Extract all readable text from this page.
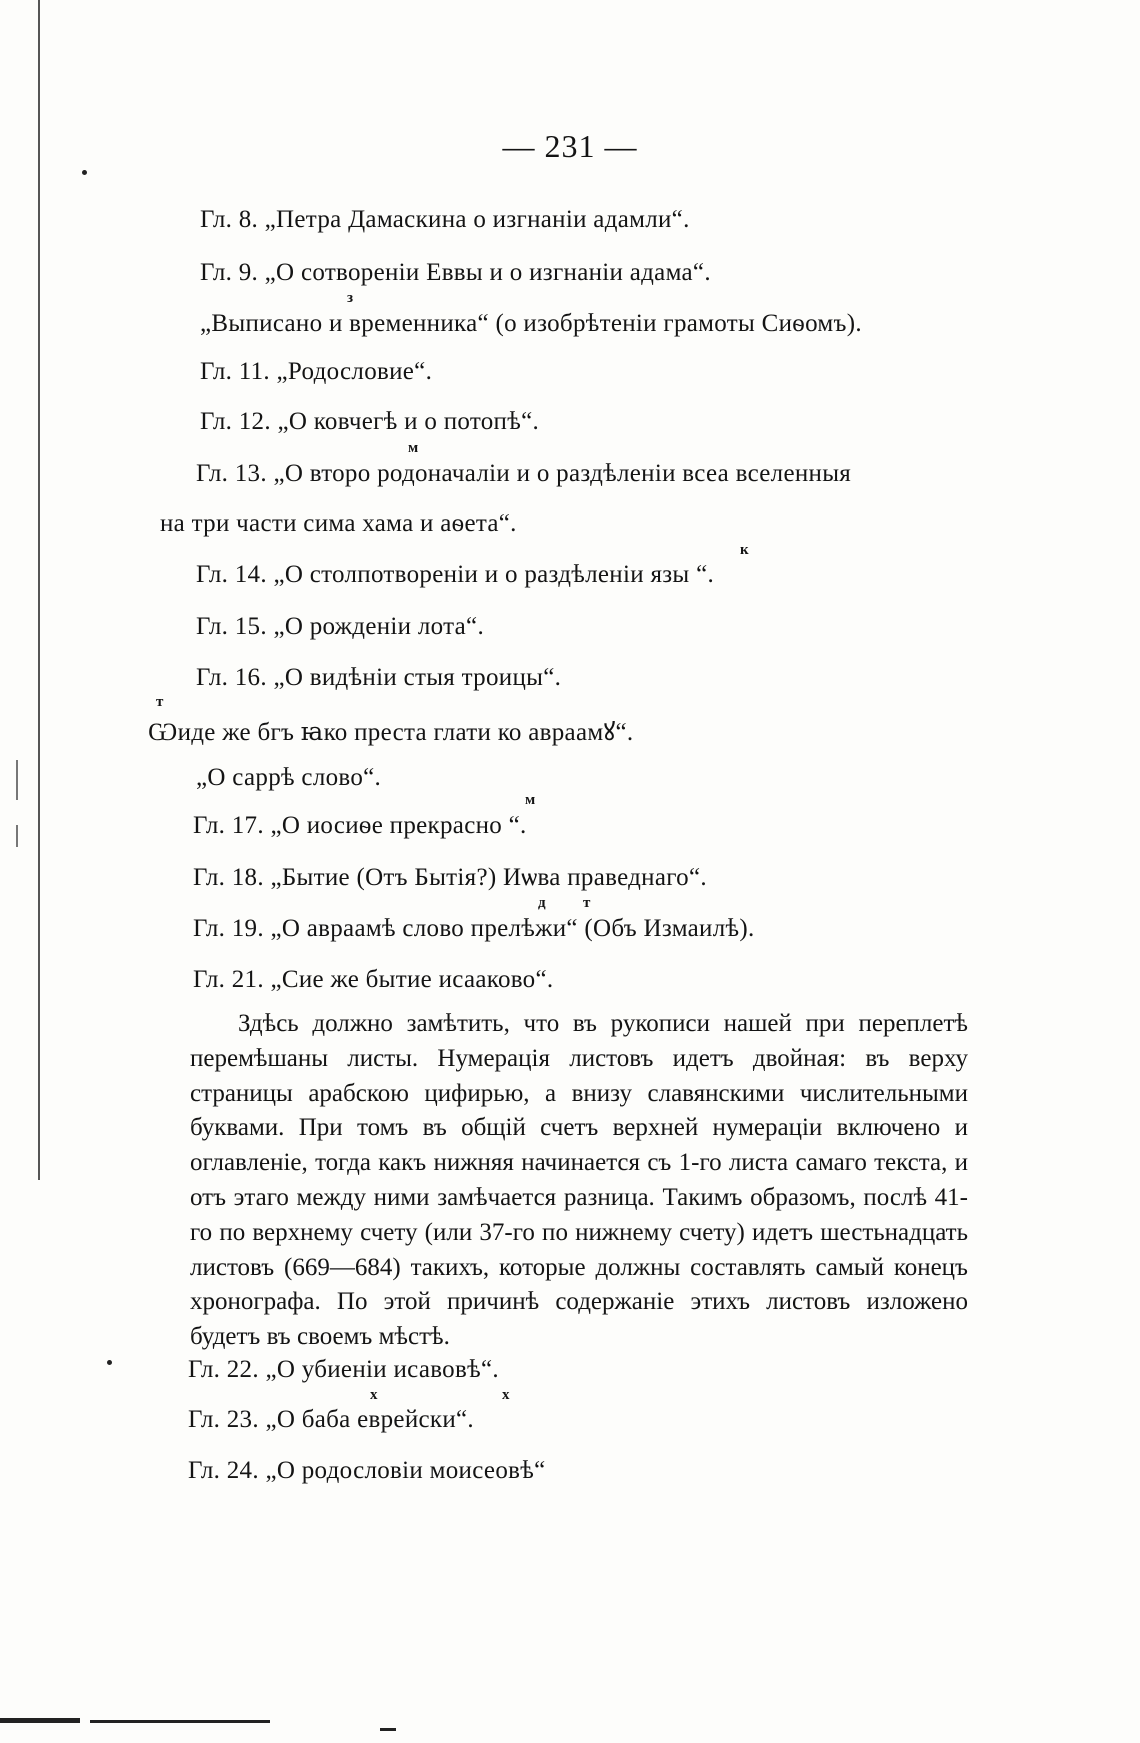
— 231 —
Гл. 8. „Петра Дамаскина о изгнанiи адамли“.
Гл. 9. „О сотворенiи Еввы и о изгнанiи адама“.
„Выписано и временника“ (о изобрѣтенiи грамоты Сиѳомъ).
Гл. 11. „Родословие“.
Гл. 12. „О ковчегѣ и о потопѣ“.
Гл. 13. „О второ родоначалiи и о раздѣленiи всеа вселенныя
на три части сима хама и аѳета“.
Гл. 14. „О столпотворенiи и о раздѣленiи язы “.
Гл. 15. „О рожденiи лота“.
Гл. 16. „О видѣнiи стыя троицы“.
Ѡиде же бгъ ꙗко преста глати ко авраамꙋ“.
„О саррѣ слово“.
Гл. 17. „О иосиѳе прекрасно “.
Гл. 18. „Бытие (Отъ Бытiя?) Иѡва праведнаго“.
Гл. 19. „О авраамѣ слово прелѣжи“ (Объ Измаилѣ).
Гл. 21. „Сие же бытие исааково“.
Здѣсь должно замѣтить, что въ рукописи нашей при переплетѣ перемѣшаны листы. Нумерацiя листовъ идетъ двойная: въ верху страницы арабскою цифирью, а внизу славянскими числительными буквами. При томъ въ общiй счетъ верхней нумерацiи включено и оглавленiе, тогда какъ нижняя начинается съ 1-го листа самаго текста, и отъ этаго между ними замѣчается разница. Такимъ образомъ, послѣ 41-го по верхнему счету (или 37-го по нижнему счету) идетъ шестьнадцать листовъ (669—684) такихъ, которые должны составлять самый конецъ хронографа. По этой причинѣ содержанiе этихъ листовъ изложено будетъ въ своемъ мѣстѣ.
Гл. 22. „О убиенiи исавовѣ“.
Гл. 23. „О баба еврейски“.
Гл. 24. „О родословiи моисеовѣ“
з
м
к
т
м
д т
х	х
